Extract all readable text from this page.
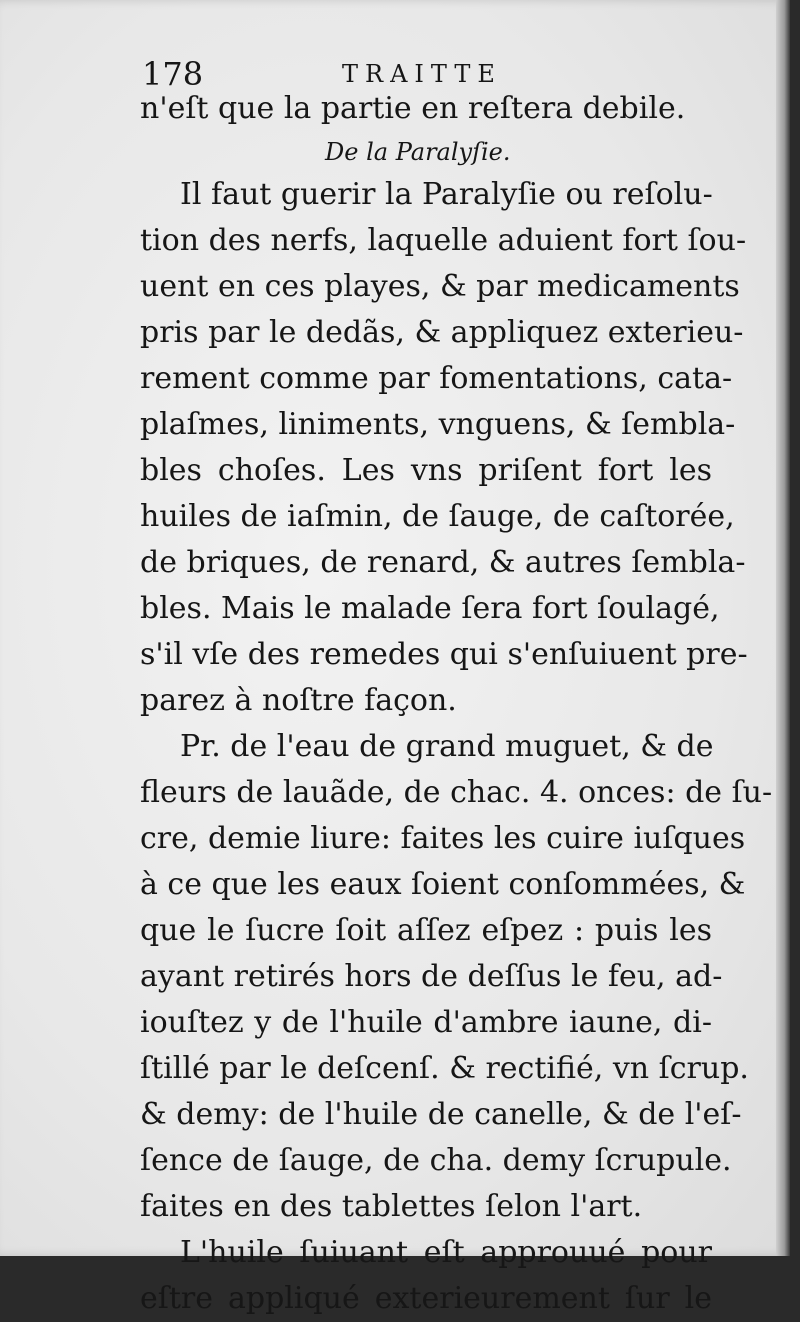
178	TRAITTE
n'eſt que la partie en reſtera debile.
De la Paralyſie.
Il faut guerir la Paralyſie ou reſolu-
tion des nerfs, laquelle aduient fort ſou-
uent en ces playes, & par medicaments
pris par le dedãs, & appliquez exterieu-
rement comme par fomentations, cata-
plaſmes, liniments, vnguens, & ſembla-
bles choſes. Les vns priſent fort les
huiles de iaſmin, de ſauge, de caſtorée,
de briques, de renard, & autres ſembla-
bles. Mais le malade ſera fort ſoulagé,
s'il vſe des remedes qui s'enſuiuent pre-
parez à noſtre façon.
Pr. de l'eau de grand muguet, & de
fleurs de lauãde, de chac. 4. onces: de ſu-
cre, demie liure: faites les cuire iuſques
à ce que les eaux ſoient conſommées, &
que le ſucre ſoit aſſez eſpez : puis les
ayant retirés hors de deſſus le feu, ad-
iouſtez y de l'huile d'ambre iaune, di-
ſtillé par le deſcenſ. & rectifié, vn ſcrup.
& demy: de l'huile de canelle, & de l'eſ-
ſence de ſauge, de cha. demy ſcrupule.
faites en des tablettes ſelon l'art.
L'huile ſuiuant eſt approuué pour
eſtre appliqué exterieurement ſur le
